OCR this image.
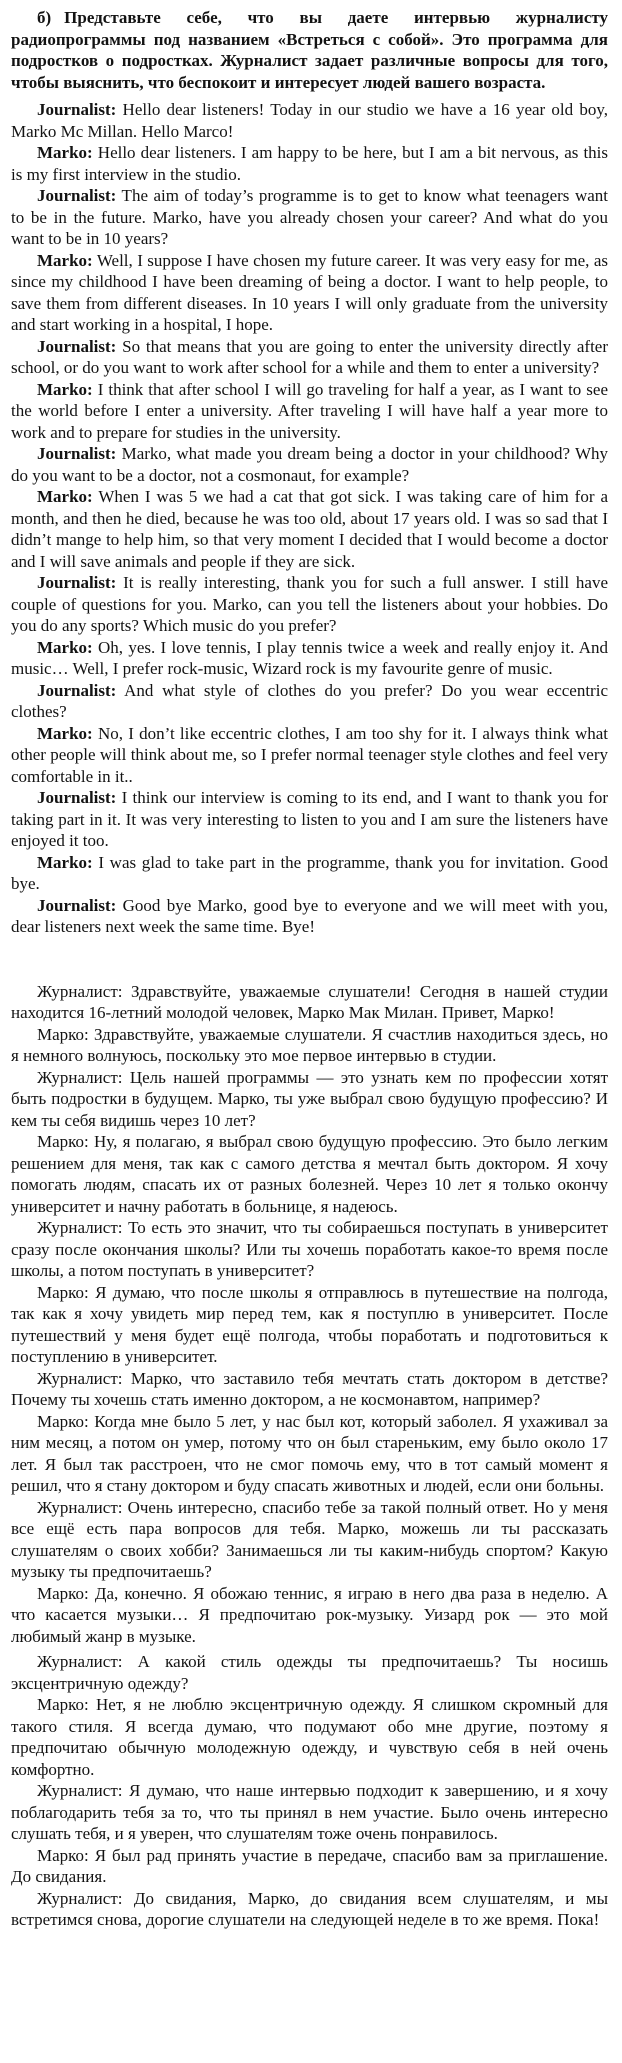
б) Представьте себе, что вы даете интервью журналисту радиопрограммы под названием «Встреться с собой». Это программа для подростков о подростках. Журналист задает различные вопросы для того, чтобы выяснить, что беспокоит и интересует людей вашего возраста.

Journalist: Hello dear listeners! Today in our studio we have a 16 year old boy, Marko Mc Millan. Hello Marco!

Marko: Hello dear listeners. I am happy to be here, but I am a bit nervous, as this is my first interview in the studio.

Journalist: The aim of today’s programme is to get to know what teenagers want to be in the future. Marko, have you already chosen your career? And what do you want to be in 10 years?

Marko: Well, I suppose I have chosen my future career. It was very easy for me, as since my childhood I have been dreaming of being a doctor. I want to help people, to save them from different diseases. In 10 years I will only graduate from the university and start working in a hospital, I hope.

Journalist: So that means that you are going to enter the university directly after school, or do you want to work after school for a while and them to enter a university?

Marko: I think that after school I will go traveling for half a year, as I want to see the world before I enter a university. After traveling I will have half a year more to work and to prepare for studies in the university.

Journalist: Marko, what made you dream being a doctor in your childhood? Why do you want to be a doctor, not a cosmonaut, for example?

Marko: When I was 5 we had a cat that got sick. I was taking care of him for a month, and then he died, because he was too old, about 17 years old. I was so sad that I didn’t mange to help him, so that very moment I decided that I would become a doctor and I will save animals and people if they are sick.

Journalist: It is really interesting, thank you for such a full answer. I still have couple of questions for you. Marko, can you tell the listeners about your hobbies. Do you do any sports? Which music do you prefer?

Marko: Oh, yes. I love tennis, I play tennis twice a week and really enjoy it. And music… Well, I prefer rock-music, Wizard rock is my favourite genre of music.

Journalist: And what style of clothes do you prefer? Do you wear eccentric clothes?

Marko: No, I don’t like eccentric clothes, I am too shy for it. I always think what other people will think about me, so I prefer normal teenager style clothes and feel very comfortable in it..

Journalist: I think our interview is coming to its end, and I want to thank you for taking part in it. It was very interesting to listen to you and I am sure the listeners have enjoyed it too.

Marko: I was glad to take part in the programme, thank you for invitation. Good bye.

Journalist: Good bye Marko, good bye to everyone and we will meet with you, dear listeners next week the same time. Bye!

Журналист: Здравствуйте, уважаемые слушатели! Сегодня в нашей студии находится 16-летний молодой человек, Марко Мак Милан. Привет, Марко!

Марко: Здравствуйте, уважаемые слушатели. Я счастлив находиться здесь, но я немного волнуюсь, поскольку это мое первое интервью в студии.

Журналист: Цель нашей программы — это узнать кем по профессии хотят быть подростки в будущем. Марко, ты уже выбрал свою будущую профессию? И кем ты себя видишь через 10 лет?

Марко: Ну, я полагаю, я выбрал свою будущую профессию. Это было легким решением для меня, так как с самого детства я мечтал быть доктором. Я хочу помогать людям, спасать их от разных болезней. Через 10 лет я только окончу университет и начну работать в больнице, я надеюсь.

Журналист: То есть это значит, что ты собираешься поступать в университет сразу после окончания школы? Или ты хочешь поработать какое-то время после школы, а потом поступать в университет?

Марко: Я думаю, что после школы я отправлюсь в путешествие на полгода, так как я хочу увидеть мир перед тем, как я поступлю в университет. После путешествий у меня будет ещё полгода, чтобы поработать и подготовиться к поступлению в университет.

Журналист: Марко, что заставило тебя мечтать стать доктором в детстве? Почему ты хочешь стать именно доктором, а не космонавтом, например?

Марко: Когда мне было 5 лет, у нас был кот, который заболел. Я ухаживал за ним месяц, а потом он умер, потому что он был стареньким, ему было около 17 лет. Я был так расстроен, что не смог помочь ему, что в тот самый момент я решил, что я стану доктором и буду спасать животных и людей, если они больны.

Журналист: Очень интересно, спасибо тебе за такой полный ответ. Но у меня все ещё есть пара вопросов для тебя. Марко, можешь ли ты рассказать слушателям о своих хобби? Занимаешься ли ты каким-нибудь спортом? Какую музыку ты предпочитаешь?

Марко: Да, конечно. Я обожаю теннис, я играю в него два раза в неделю. А что касается музыки… Я предпочитаю рок-музыку. Уизард рок — это мой любимый жанр в музыке.

Журналист: А какой стиль одежды ты предпочитаешь? Ты носишь эксцентричную одежду?

Марко: Нет, я не люблю эксцентричную одежду. Я слишком скромный для такого стиля. Я всегда думаю, что подумают обо мне другие, поэтому я предпочитаю обычную молодежную одежду, и чувствую себя в ней очень комфортно.

Журналист: Я думаю, что наше интервью подходит к завершению, и я хочу поблагодарить тебя за то, что ты принял в нем участие. Было очень интересно слушать тебя, и я уверен, что слушателям тоже очень понравилось.

Марко: Я был рад принять участие в передаче, спасибо вам за приглашение. До свидания.

Журналист: До свидания, Марко, до свидания всем слушателям, и мы встретимся снова, дорогие слушатели на следующей неделе в то же время. Пока!
